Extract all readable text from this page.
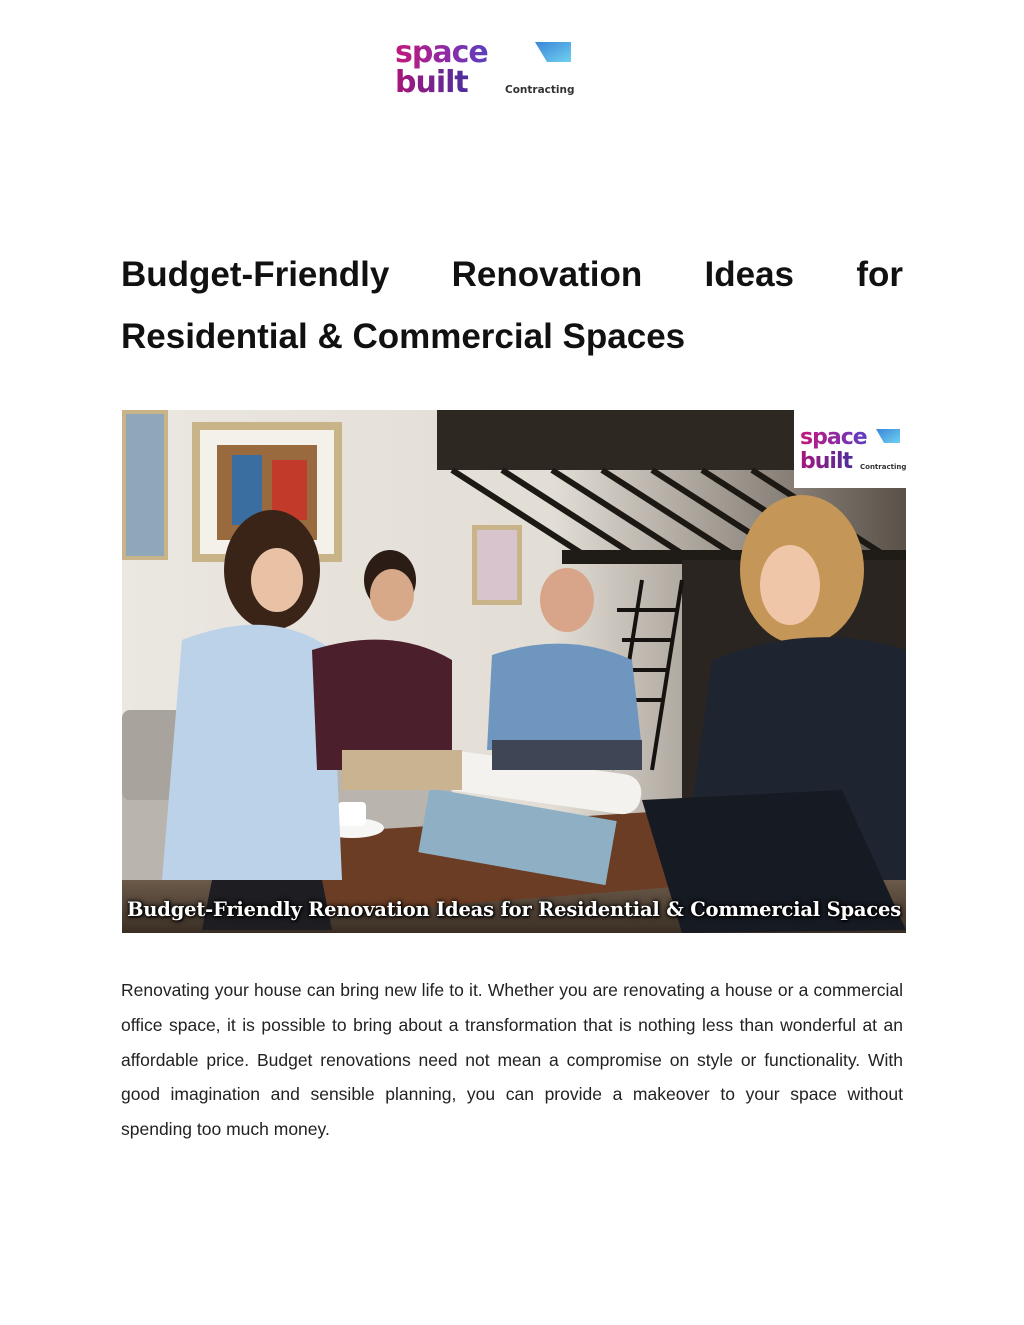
space
built	Contracting
Budget-Friendly Renovation Ideas for Residential & Commercial Spaces
space
built Contracting
Budget-Friendly Renovation Ideas for Residential & Commercial Spaces

Renovating your house can bring new life to it. Whether you are renovating a house or a commercial office space, it is possible to bring about a transformation that is nothing less than wonderful at an affordable price. Budget renovations need not mean a compromise on style or functionality. With good imagination and sensible planning, you can provide a makeover to your space without spending too much money.
